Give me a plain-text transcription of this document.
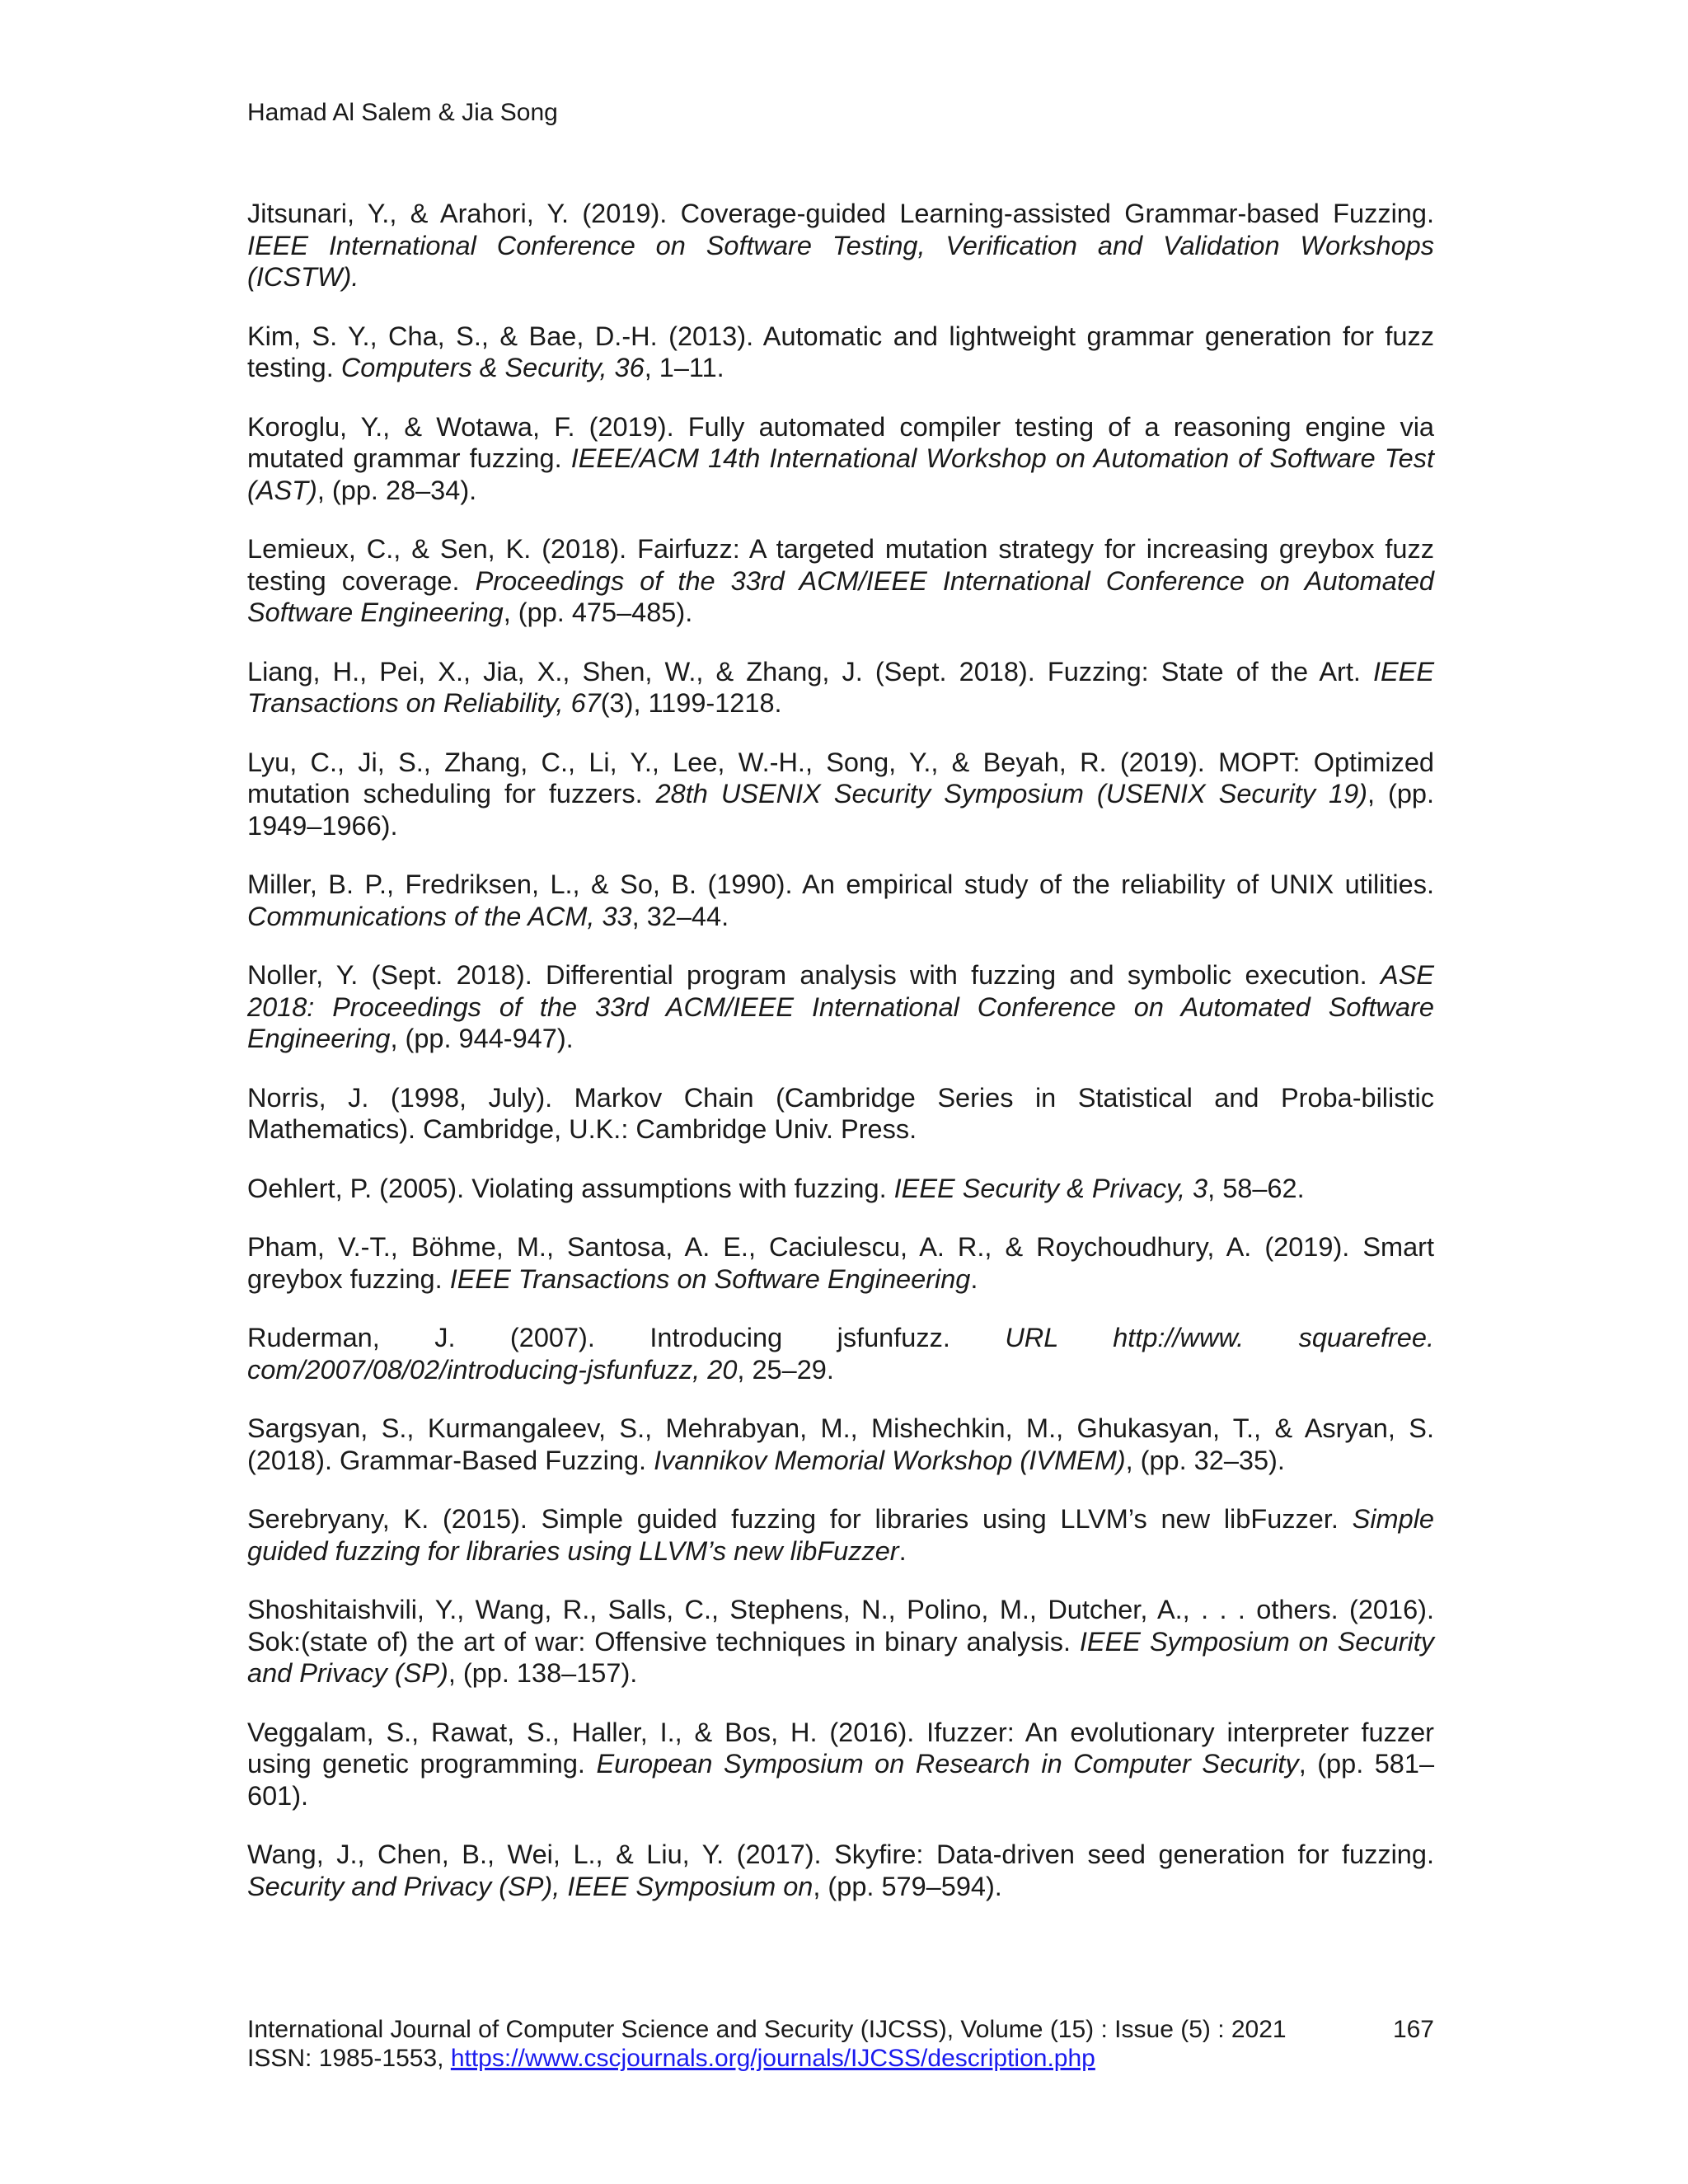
Hamad Al Salem & Jia Song

Jitsunari, Y., & Arahori, Y. (2019). Coverage-guided Learning-assisted Grammar-based Fuzzing. IEEE International Conference on Software Testing, Verification and Validation Workshops (ICSTW).

Kim, S. Y., Cha, S., & Bae, D.-H. (2013). Automatic and lightweight grammar generation for fuzz testing. Computers & Security, 36, 1–11.

Koroglu, Y., & Wotawa, F. (2019). Fully automated compiler testing of a reasoning engine via mutated grammar fuzzing. IEEE/ACM 14th International Workshop on Automation of Software Test (AST), (pp. 28–34).

Lemieux, C., & Sen, K. (2018). Fairfuzz: A targeted mutation strategy for increasing greybox fuzz testing coverage. Proceedings of the 33rd ACM/IEEE International Conference on Automated Software Engineering, (pp. 475–485).

Liang, H., Pei, X., Jia, X., Shen, W., & Zhang, J. (Sept. 2018). Fuzzing: State of the Art. IEEE Transactions on Reliability, 67(3), 1199-1218.

Lyu, C., Ji, S., Zhang, C., Li, Y., Lee, W.-H., Song, Y., & Beyah, R. (2019). MOPT: Optimized mutation scheduling for fuzzers. 28th USENIX Security Symposium (USENIX Security 19), (pp. 1949–1966).

Miller, B. P., Fredriksen, L., & So, B. (1990). An empirical study of the reliability of UNIX utilities. Communications of the ACM, 33, 32–44.

Noller, Y. (Sept. 2018). Differential program analysis with fuzzing and symbolic execution. ASE 2018: Proceedings of the 33rd ACM/IEEE International Conference on Automated Software Engineering, (pp. 944-947).

Norris, J. (1998, July). Markov Chain (Cambridge Series in Statistical and Proba-bilistic Mathematics). Cambridge, U.K.: Cambridge Univ. Press.

Oehlert, P. (2005). Violating assumptions with fuzzing. IEEE Security & Privacy, 3, 58–62.

Pham, V.-T., Böhme, M., Santosa, A. E., Caciulescu, A. R., & Roychoudhury, A. (2019). Smart greybox fuzzing. IEEE Transactions on Software Engineering.

Ruderman, J. (2007). Introducing jsfunfuzz. URL http://www. squarefree. com/2007/08/02/introducing-jsfunfuzz, 20, 25–29.

Sargsyan, S., Kurmangaleev, S., Mehrabyan, M., Mishechkin, M., Ghukasyan, T., & Asryan, S. (2018). Grammar-Based Fuzzing. Ivannikov Memorial Workshop (IVMEM), (pp. 32–35).

Serebryany, K. (2015). Simple guided fuzzing for libraries using LLVM’s new libFuzzer. Simple guided fuzzing for libraries using LLVM’s new libFuzzer.

Shoshitaishvili, Y., Wang, R., Salls, C., Stephens, N., Polino, M., Dutcher, A., . . . others. (2016). Sok:(state of) the art of war: Offensive techniques in binary analysis. IEEE Symposium on Security and Privacy (SP), (pp. 138–157).

Veggalam, S., Rawat, S., Haller, I., & Bos, H. (2016). Ifuzzer: An evolutionary interpreter fuzzer using genetic programming. European Symposium on Research in Computer Security, (pp. 581–601).

Wang, J., Chen, B., Wei, L., & Liu, Y. (2017). Skyfire: Data-driven seed generation for fuzzing. Security and Privacy (SP), IEEE Symposium on, (pp. 579–594).

International Journal of Computer Science and Security (IJCSS), Volume (15) : Issue (5) : 2021	167
ISSN: 1985-1553, https://www.cscjournals.org/journals/IJCSS/description.php
